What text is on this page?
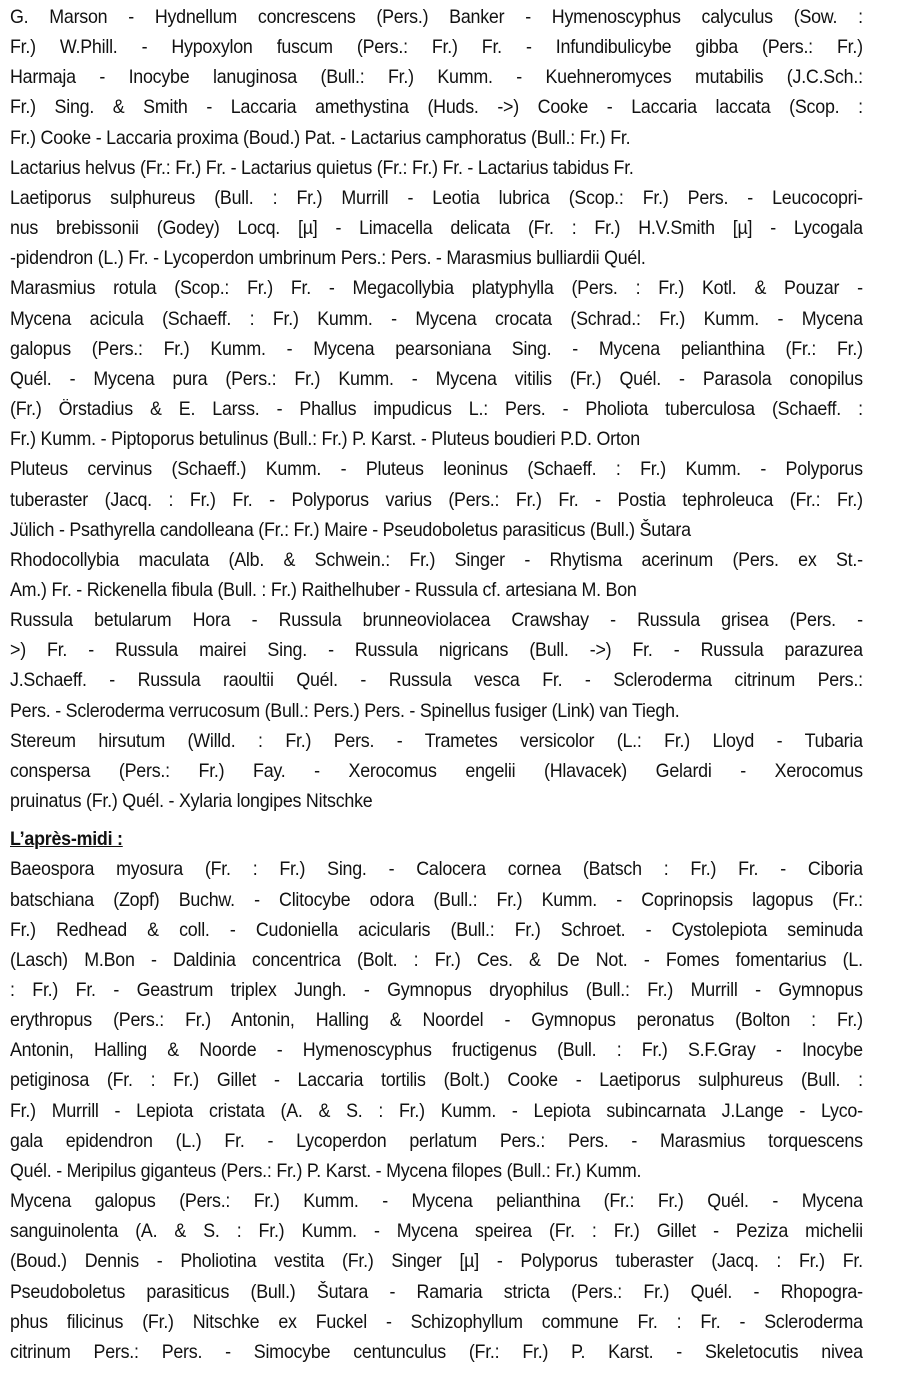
G. Marson - Hydnellum concrescens (Pers.) Banker - Hymenoscyphus calyculus (Sow. :
Fr.) W.Phill. - Hypoxylon fuscum (Pers.: Fr.) Fr. - Infundibulicybe gibba (Pers.: Fr.)
Harmaja - Inocybe lanuginosa (Bull.: Fr.) Kumm. - Kuehneromyces mutabilis (J.C.Sch.:
Fr.) Sing. & Smith - Laccaria amethystina (Huds. ->) Cooke - Laccaria laccata (Scop. :
Fr.) Cooke - Laccaria proxima (Boud.) Pat. - Lactarius camphoratus (Bull.: Fr.) Fr.
Lactarius helvus (Fr.: Fr.) Fr. - Lactarius quietus (Fr.: Fr.) Fr. - Lactarius tabidus Fr.
Laetiporus sulphureus (Bull. : Fr.) Murrill - Leotia lubrica (Scop.: Fr.) Pers. - Leucocopri-
nus brebissonii (Godey) Locq. [µ] - Limacella delicata (Fr. : Fr.) H.V.Smith [µ] - Lycogala
-pidendron (L.) Fr. - Lycoperdon umbrinum Pers.: Pers. - Marasmius bulliardii Quél.
Marasmius rotula (Scop.: Fr.) Fr. - Megacollybia platyphylla (Pers. : Fr.) Kotl. & Pouzar -
Mycena acicula (Schaeff. : Fr.) Kumm. - Mycena crocata (Schrad.: Fr.) Kumm. - Mycena
galopus (Pers.: Fr.) Kumm. - Mycena pearsoniana Sing. - Mycena pelianthina (Fr.: Fr.)
Quél. - Mycena pura (Pers.: Fr.) Kumm. - Mycena vitilis (Fr.) Quél. - Parasola conopilus
(Fr.) Örstadius & E. Larss. - Phallus impudicus L.: Pers. - Pholiota tuberculosa (Schaeff. :
Fr.) Kumm. - Piptoporus betulinus (Bull.: Fr.) P. Karst. - Pluteus boudieri P.D. Orton
Pluteus cervinus (Schaeff.) Kumm. - Pluteus leoninus (Schaeff. : Fr.) Kumm. - Polyporus
tuberaster (Jacq. : Fr.) Fr. - Polyporus varius (Pers.: Fr.) Fr. - Postia tephroleuca (Fr.: Fr.)
Jülich - Psathyrella candolleana (Fr.: Fr.) Maire - Pseudoboletus parasiticus (Bull.) Šutara
Rhodocollybia maculata (Alb. & Schwein.: Fr.) Singer - Rhytisma acerinum (Pers. ex St.-
Am.) Fr. - Rickenella fibula (Bull. : Fr.) Raithelhuber - Russula cf. artesiana M. Bon
Russula betularum Hora - Russula brunneoviolacea Crawshay - Russula grisea (Pers. -
>) Fr. - Russula mairei Sing. - Russula nigricans (Bull. ->) Fr. - Russula parazurea
J.Schaeff. - Russula raoultii Quél. - Russula vesca Fr. - Scleroderma citrinum Pers.:
Pers. - Scleroderma verrucosum (Bull.: Pers.) Pers. - Spinellus fusiger (Link) van Tiegh.
Stereum hirsutum (Willd. : Fr.) Pers. - Trametes versicolor (L.: Fr.) Lloyd - Tubaria
conspersa (Pers.: Fr.) Fay. - Xerocomus engelii (Hlavacek) Gelardi - Xerocomus
pruinatus (Fr.) Quél. - Xylaria longipes Nitschke
L’après-midi :
Baeospora myosura (Fr. : Fr.) Sing. - Calocera cornea (Batsch : Fr.) Fr. - Ciboria
batschiana (Zopf) Buchw. - Clitocybe odora (Bull.: Fr.) Kumm. - Coprinopsis lagopus (Fr.:
Fr.) Redhead & coll. - Cudoniella acicularis (Bull.: Fr.) Schroet. - Cystolepiota seminuda
(Lasch) M.Bon - Daldinia concentrica (Bolt. : Fr.) Ces. & De Not. - Fomes fomentarius (L.
: Fr.) Fr. - Geastrum triplex Jungh. - Gymnopus dryophilus (Bull.: Fr.) Murrill - Gymnopus
erythropus (Pers.: Fr.) Antonin, Halling & Noordel - Gymnopus peronatus (Bolton : Fr.)
Antonin, Halling & Noorde - Hymenoscyphus fructigenus (Bull. : Fr.) S.F.Gray - Inocybe
petiginosa (Fr. : Fr.) Gillet - Laccaria tortilis (Bolt.) Cooke - Laetiporus sulphureus (Bull. :
Fr.) Murrill - Lepiota cristata (A. & S. : Fr.) Kumm. - Lepiota subincarnata J.Lange - Lyco-
gala epidendron (L.) Fr. - Lycoperdon perlatum Pers.: Pers. - Marasmius torquescens
Quél. - Meripilus giganteus (Pers.: Fr.) P. Karst. - Mycena filopes (Bull.: Fr.) Kumm.
Mycena galopus (Pers.: Fr.) Kumm. - Mycena pelianthina (Fr.: Fr.) Quél. - Mycena
sanguinolenta (A. & S. : Fr.) Kumm. - Mycena speirea (Fr. : Fr.) Gillet - Peziza michelii
(Boud.) Dennis - Pholiotina vestita (Fr.) Singer [µ] - Polyporus tuberaster (Jacq. : Fr.) Fr.
Pseudoboletus parasiticus (Bull.) Šutara - Ramaria stricta (Pers.: Fr.) Quél. - Rhopogra-
phus filicinus (Fr.) Nitschke ex Fuckel - Schizophyllum commune Fr. : Fr. - Scleroderma
citrinum Pers.: Pers. - Simocybe centunculus (Fr.: Fr.) P. Karst. - Skeletocutis nivea
